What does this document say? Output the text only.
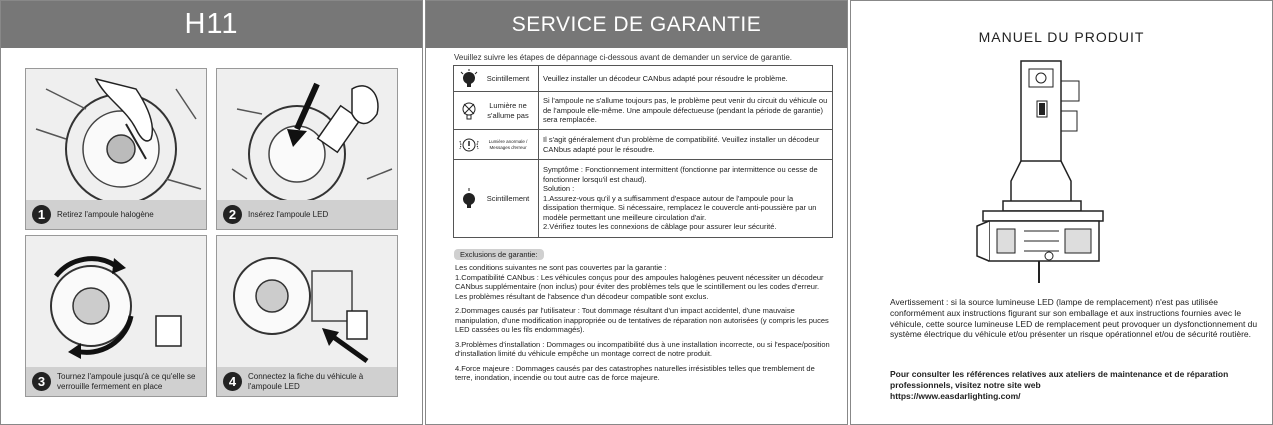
H11
1	Retirez l'ampoule halogène	2	Insérez l'ampoule LED
3	Tournez l'ampoule jusqu'à ce qu'elle se verrouille fermement en place	4	Connectez la fiche du véhicule à l'ampoule LED
SERVICE DE GARANTIE
Veuillez suivre les étapes de dépannage ci-dessous avant de demander un service de garantie.
Scintillement	Veuillez installer un décodeur CANbus adapté pour résoudre le problème.

Lumière ne s'allume pas	Si l'ampoule ne s'allume toujours pas, le problème peut venir du circuit du véhicule ou de l'ampoule elle-même. Une ampoule défectueuse (pendant la période de garantie) sera remplacée.

Lumière anormale / Messages d'erreur	Il s'agit généralement d'un problème de compatibilité. Veuillez installer un décodeur CANbus adapté pour le résoudre.

Scintillement	Symptôme : Fonctionnement intermittent (fonctionne par intermittence ou cesse de fonctionner lorsqu'il est chaud).
Solution :
1.Assurez-vous qu'il y a suffisamment d'espace autour de l'ampoule pour la dissipation thermique. Si nécessaire, remplacez le couvercle anti-poussière par un modèle permettant une meilleure circulation d'air.
2.Vérifiez toutes les connexions de câblage pour assurer leur sécurité.
Exclusions de garantie:

Les conditions suivantes ne sont pas couvertes par la garantie :

1.Compatibilité CANbus : Les véhicules conçus pour des ampoules halogènes peuvent nécessiter un décodeur CANbus supplémentaire (non inclus) pour éviter des problèmes tels que le scintillement ou les codes d'erreur. Les problèmes résultant de l'absence d'un décodeur compatible sont exclus.

2.Dommages causés par l'utilisateur : Tout dommage résultant d'un impact accidentel, d'une mauvaise manipulation, d'une modification inappropriée ou de tentatives de réparation non autorisées (y compris les puces LED cassées ou les fils endommagés).

3.Problèmes d'installation : Dommages ou incompatibilité dus à une installation incorrecte, ou si l'espace/position d'installation limité du véhicule empêche un montage correct de notre produit.

4.Force majeure : Dommages causés par des catastrophes naturelles irrésistibles telles que tremblement de terre, inondation, incendie ou tout autre cas de force majeure.

MANUEL DU PRODUIT
Avertissement : si la source lumineuse LED (lampe de remplacement) n'est pas utilisée conformément aux instructions figurant sur son emballage et aux instructions fournies avec le véhicule, cette source lumineuse LED de remplacement peut provoquer un dysfonctionnement du système électrique du véhicule et/ou présenter un risque opérationnel et/ou de sécurité routière.
Pour consulter les références relatives aux ateliers de maintenance et de réparation professionnels, visitez notre site web
https://www.easdarlighting.com/
